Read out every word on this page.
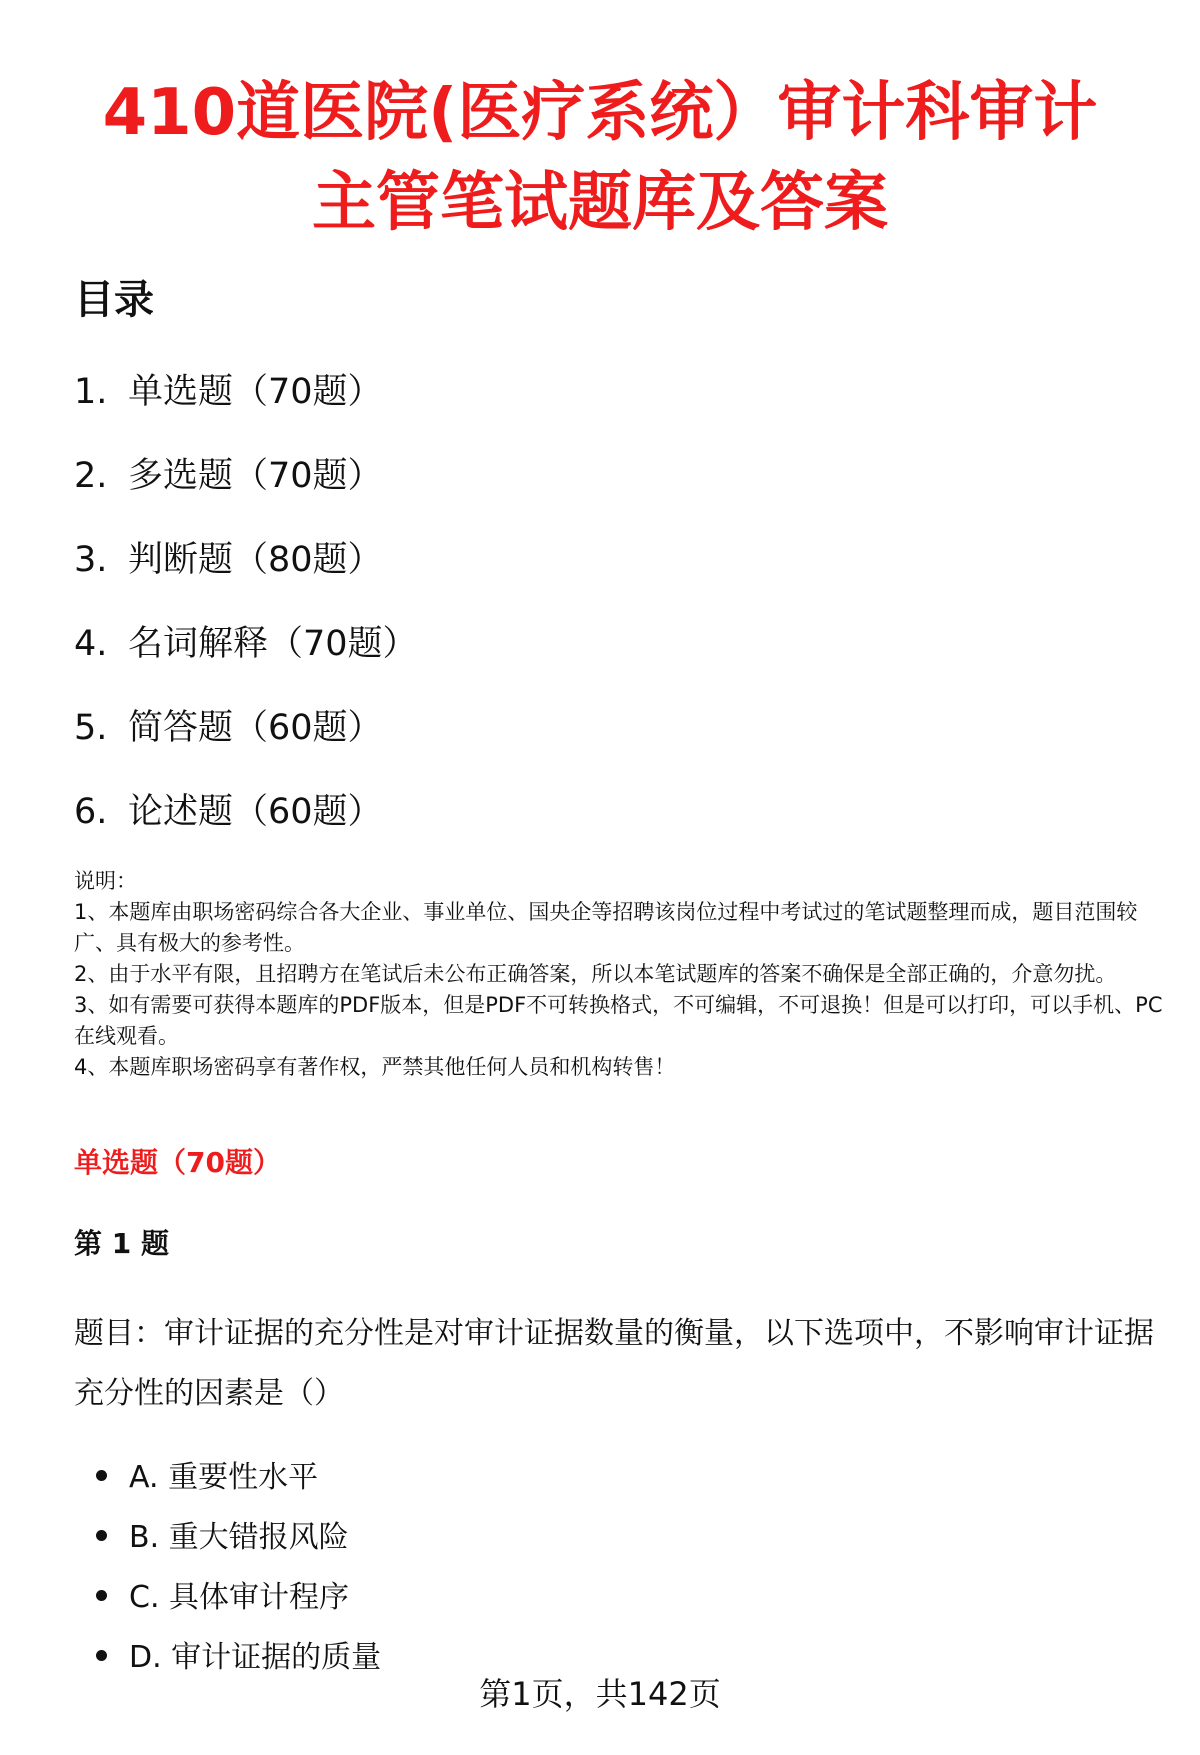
410道医院(医疗系统）审计科审计
主管笔试题库及答案
目录
1. 单选题（70题）
2. 多选题（70题）
3. 判断题（80题）
4. 名词解释（70题）
5. 简答题（60题）
6. 论述题（60题）

说明：

1、本题库由职场密码综合各大企业、事业单位、国央企等招聘该岗位过程中考试过的笔试题整理而成，题目范围较广、具有极大的参考性。

2、由于水平有限，且招聘方在笔试后未公布正确答案，所以本笔试题库的答案不确保是全部正确的，介意勿扰。

3、如有需要可获得本题库的PDF版本，但是PDF不可转换格式，不可编辑，不可退换！但是可以打印，可以手机、PC在线观看。

4、本题库职场密码享有著作权，严禁其他任何人员和机构转售！

单选题（70题）
第 1 题
题目：审计证据的充分性是对审计证据数量的衡量，以下选项中，不影响审计证据充分性的因素是（）
A. 重要性水平
B. 重大错报风险
C. 具体审计程序
D. 审计证据的质量
第1页，共142页
